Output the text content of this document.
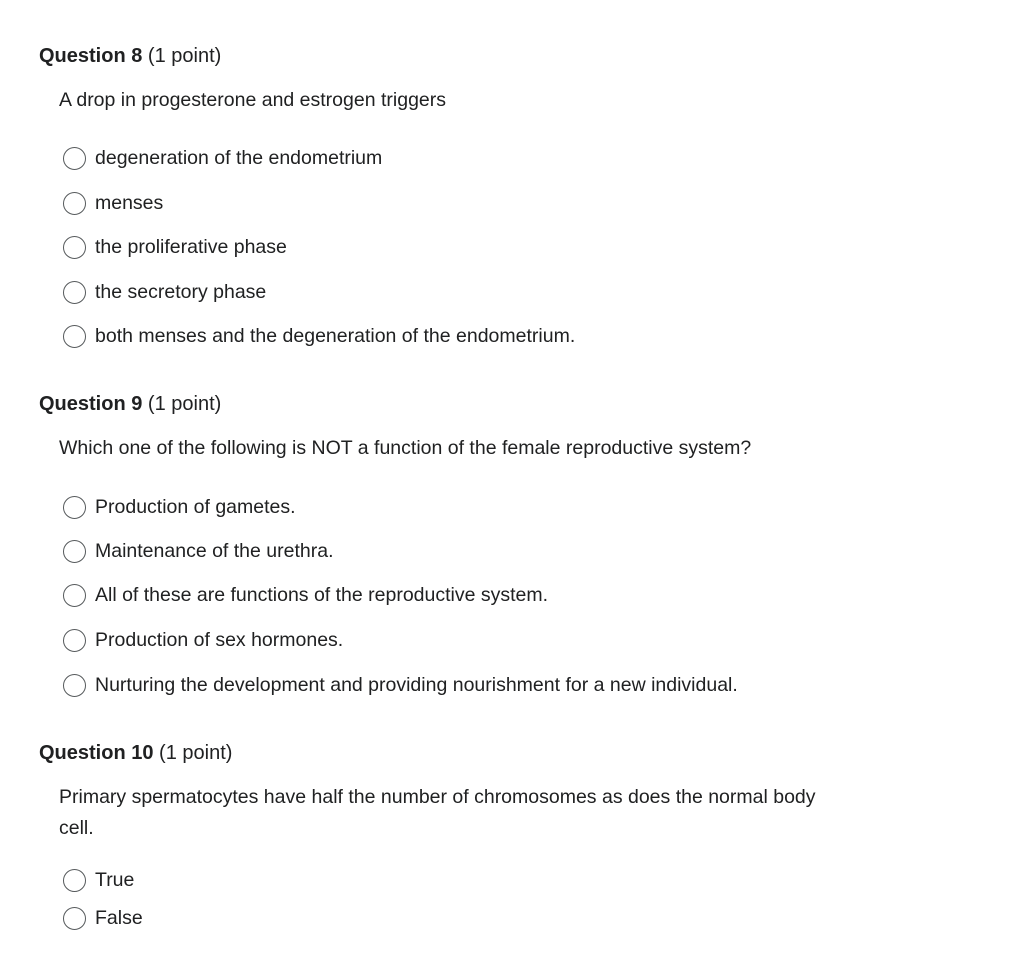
Question 8 (1 point)
A drop in progesterone and estrogen triggers
degeneration of the endometrium
menses
the proliferative phase
the secretory phase
both menses and the degeneration of the endometrium.
Question 9 (1 point)
Which one of the following is NOT a function of the female reproductive system?
Production of gametes.
Maintenance of the urethra.
All of these are functions of the reproductive system.
Production of sex hormones.
Nurturing the development and providing nourishment for a new individual.
Question 10 (1 point)
Primary spermatocytes have half the number of chromosomes as does the normal body cell.
True
False
